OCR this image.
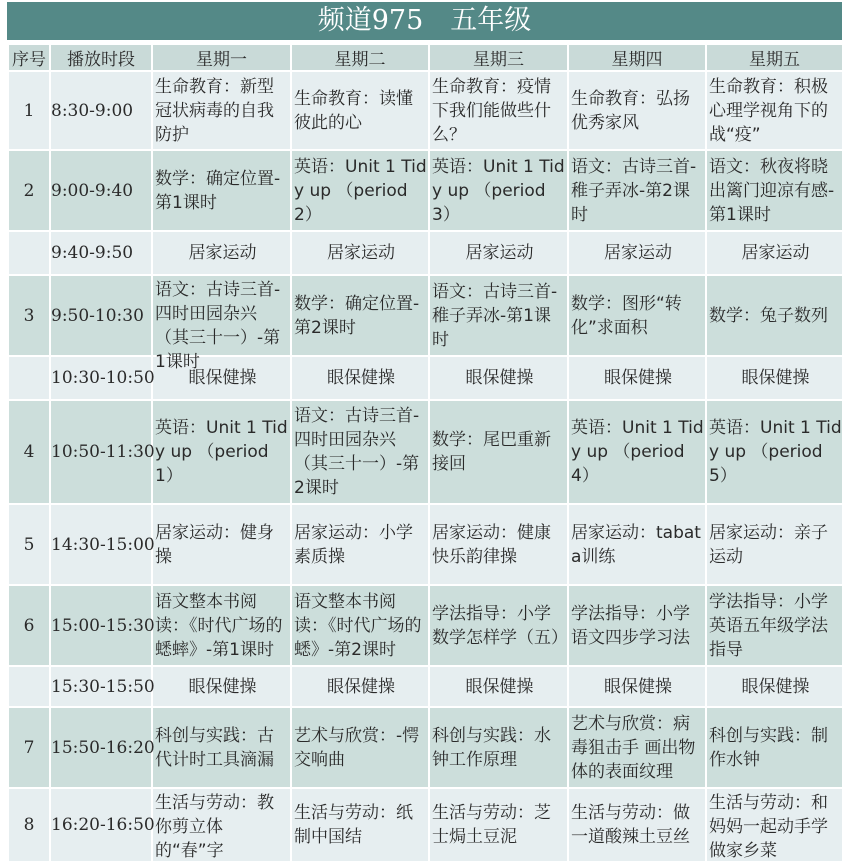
频道975　五年级
序号	播放时段	星期一	星期二	星期三	星期四	星期五
1	8:30-9:00	生命教育：新型冠状病毒的自我防护	生命教育：读懂彼此的心	生命教育：疫情下我们能做些什么？	生命教育：弘扬优秀家风	生命教育：积极心理学视角下的战“疫”

2	9:00-9:40	数学：确定位置-第1课时	英语：Unit 1 Tidy up （period 2）	英语：Unit 1 Tidy up （period 3）	语文：古诗三首-稚子弄冰-第2课时	语文：秋夜将晓出篱门迎凉有感-第1课时

	9:40-9:50	居家运动	居家运动	居家运动	居家运动	居家运动

3	9:50-10:30	语文：古诗三首-四时田园杂兴（其三十一）-第1课时	数学：确定位置-第2课时	语文：古诗三首-稚子弄冰-第1课时	数学：图形“转化”求面积	数学：兔子数列

	10:30-10:50	眼保健操	眼保健操	眼保健操	眼保健操	眼保健操

4	10:50-11:30	英语：Unit 1 Tidy up （period 1）	语文：古诗三首-四时田园杂兴（其三十一）-第2课时	数学：尾巴重新接回	英语：Unit 1 Tidy up （period 4）	英语：Unit 1 Tidy up （period 5）

5	14:30-15:00	居家运动：健身操	居家运动：小学素质操	居家运动：健康快乐韵律操	居家运动：tabata训练	居家运动：亲子运动

6	15:00-15:30	语文整本书阅读：《时代广场的蟋蟀》-第1课时	语文整本书阅读：《时代广场的蟋》-第2课时	学法指导：小学数学怎样学（五）	学法指导：小学语文四步学习法	学法指导：小学英语五年级学法指导

	15:30-15:50	眼保健操	眼保健操	眼保健操	眼保健操	眼保健操

7	15:50-16:20	科创与实践：古代计时工具滴漏	艺术与欣赏：-愕交响曲	科创与实践：水钟工作原理	艺术与欣赏：病毒狙击手 画出物体的表面纹理	科创与实践：制作水钟

8	16:20-16:50	生活与劳动：教你剪立体的“春”字	生活与劳动：纸制中国结	生活与劳动：芝士焗土豆泥	生活与劳动：做一道酸辣土豆丝	生活与劳动：和妈妈一起动手学做家乡菜
